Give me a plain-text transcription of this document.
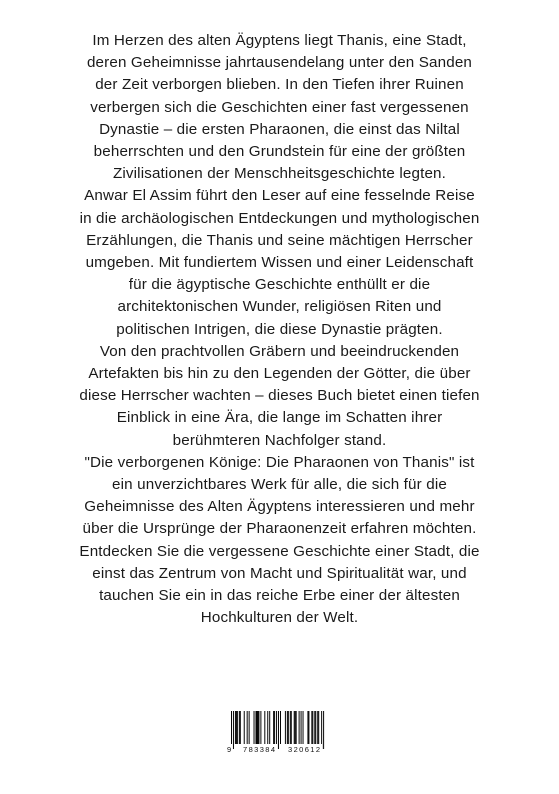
Im Herzen des alten Ägyptens liegt Thanis, eine Stadt,
deren Geheimnisse jahrtausendelang unter den Sanden
der Zeit verborgen blieben. In den Tiefen ihrer Ruinen
verbergen sich die Geschichten einer fast vergessenen
Dynastie – die ersten Pharaonen, die einst das Niltal
beherrschten und den Grundstein für eine der größten
Zivilisationen der Menschheitsgeschichte legten.
Anwar El Assim führt den Leser auf eine fesselnde Reise
in die archäologischen Entdeckungen und mythologischen
Erzählungen, die Thanis und seine mächtigen Herrscher
umgeben. Mit fundiertem Wissen und einer Leidenschaft
für die ägyptische Geschichte enthüllt er die
architektonischen Wunder, religiösen Riten und
politischen Intrigen, die diese Dynastie prägten.
Von den prachtvollen Gräbern und beeindruckenden
Artefakten bis hin zu den Legenden der Götter, die über
diese Herrscher wachten – dieses Buch bietet einen tiefen
Einblick in eine Ära, die lange im Schatten ihrer
berühmteren Nachfolger stand.
"Die verborgenen Könige: Die Pharaonen von Thanis" ist
ein unverzichtbares Werk für alle, die sich für die
Geheimnisse des Alten Ägyptens interessieren und mehr
über die Ursprünge der Pharaonenzeit erfahren möchten.
Entdecken Sie die vergessene Geschichte einer Stadt, die
einst das Zentrum von Macht und Spiritualität war, und
tauchen Sie ein in das reiche Erbe einer der ältesten
Hochkulturen der Welt.
9 783384 320612
